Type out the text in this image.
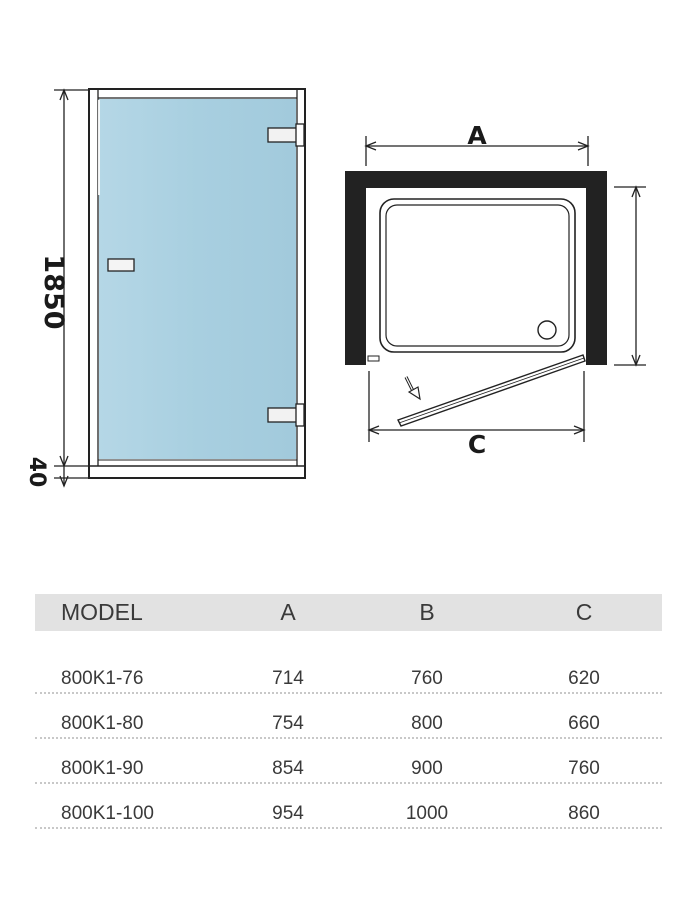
1850
40
A
C
MODEL	A	B	C
800K1-76	714	760	620
800K1-80	754	800	660
800K1-90	854	900	760
800K1-100	954	1000	860
